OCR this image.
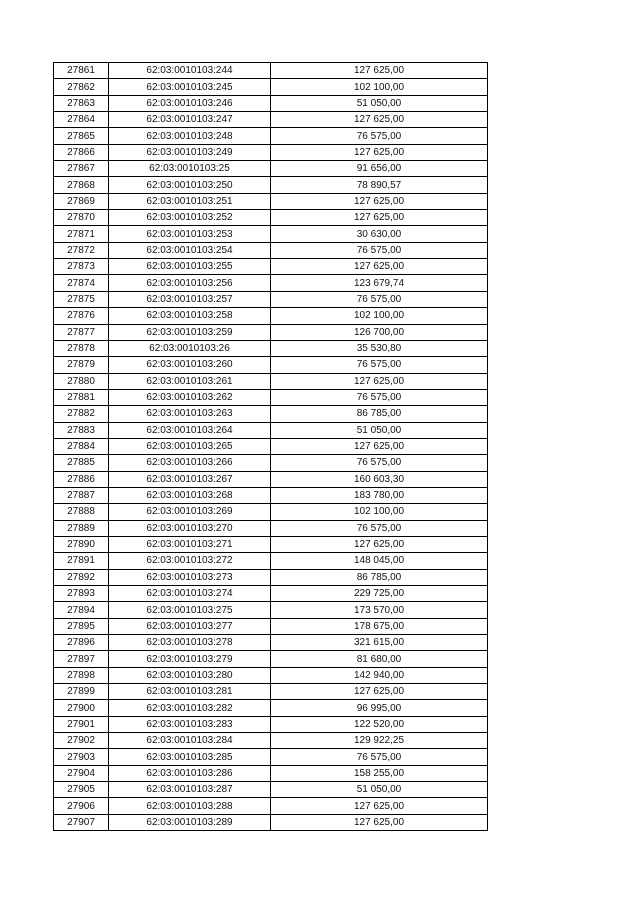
27861	62:03:0010103:244	127 625,00
27862	62:03:0010103:245	102 100,00
27863	62:03:0010103:246	51 050,00
27864	62:03:0010103:247	127 625,00
27865	62:03:0010103:248	76 575,00
27866	62:03:0010103:249	127 625,00
27867	62:03:0010103:25	91 656,00
27868	62:03:0010103:250	78 890,57
27869	62:03:0010103:251	127 625,00
27870	62:03:0010103:252	127 625,00
27871	62:03:0010103:253	30 630,00
27872	62:03:0010103:254	76 575,00
27873	62:03:0010103:255	127 625,00
27874	62:03:0010103:256	123 679,74
27875	62:03:0010103:257	76 575,00
27876	62:03:0010103:258	102 100,00
27877	62:03:0010103:259	126 700,00
27878	62:03:0010103:26	35 530,80
27879	62:03:0010103:260	76 575,00
27880	62:03:0010103:261	127 625,00
27881	62:03:0010103:262	76 575,00
27882	62:03:0010103:263	86 785,00
27883	62:03:0010103:264	51 050,00
27884	62:03:0010103:265	127 625,00
27885	62:03:0010103:266	76 575,00
27886	62:03:0010103:267	160 603,30
27887	62:03:0010103:268	183 780,00
27888	62:03:0010103:269	102 100,00
27889	62:03:0010103:270	76 575,00
27890	62:03:0010103:271	127 625,00
27891	62:03:0010103:272	148 045,00
27892	62:03:0010103:273	86 785,00
27893	62:03:0010103:274	229 725,00
27894	62:03:0010103:275	173 570,00
27895	62:03:0010103:277	178 675,00
27896	62:03:0010103:278	321 615,00
27897	62:03:0010103:279	81 680,00
27898	62:03:0010103:280	142 940,00
27899	62:03:0010103:281	127 625,00
27900	62:03:0010103:282	96 995,00
27901	62:03:0010103:283	122 520,00
27902	62:03:0010103:284	129 922,25
27903	62:03:0010103:285	76 575,00
27904	62:03:0010103:286	158 255,00
27905	62:03:0010103:287	51 050,00
27906	62:03:0010103:288	127 625,00
27907	62:03:0010103:289	127 625,00
